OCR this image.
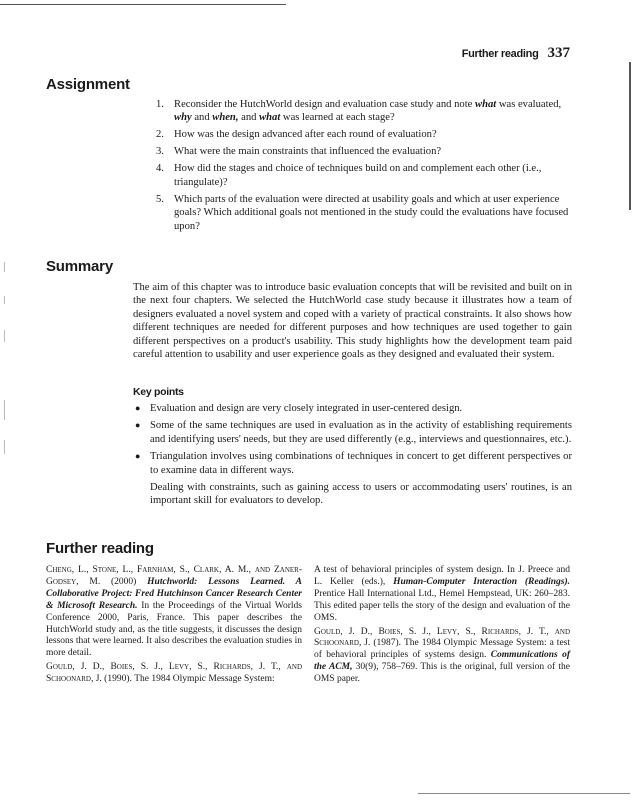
Further reading 337
Assignment
1. Reconsider the HutchWorld design and evaluation case study and note what was evaluated, why and when, and what was learned at each stage?
2. How was the design advanced after each round of evaluation?
3. What were the main constraints that influenced the evaluation?
4. How did the stages and choice of techniques build on and complement each other (i.e., triangulate)?
5. Which parts of the evaluation were directed at usability goals and which at user experience goals? Which additional goals not mentioned in the study could the evaluations have focused upon?
Summary

The aim of this chapter was to introduce basic evaluation concepts that will be revisited and built on in the next four chapters. We selected the HutchWorld case study because it illustrates how a team of designers evaluated a novel system and coped with a variety of practical constraints. It also shows how different techniques are needed for different purposes and how techniques are used together to gain different perspectives on a product's usability. This study highlights how the development team paid careful attention to usability and user experience goals as they designed and evaluated their system.

Key points
● Evaluation and design are very closely integrated in user-centered design.
● Some of the same techniques are used in evaluation as in the activity of establishing requirements and identifying users' needs, but they are used differently (e.g., interviews and questionnaires, etc.).
● Triangulation involves using combinations of techniques in concert to get different perspectives or to examine data in different ways.
Dealing with constraints, such as gaining access to users or accommodating users' routines, is an important skill for evaluators to develop.
Further reading

Cheng, L., Stone, L., Farnham, S., Clark, A. M., and Zaner-Godsey, M. (2000) Hutchworld: Lessons Learned. A Collaborative Project: Fred Hutchinson Cancer Research Center & Microsoft Research. In the Proceedings of the Virtual Worlds Conference 2000, Paris, France. This paper describes the HutchWorld study and, as the title suggests, it discusses the design lessons that were learned. It also describes the evaluation studies in more detail.

Gould, J. D., Boies, S. J., Levy, S., Richards, J. T., and Schoonard, J. (1990). The 1984 Olympic Message System:

A test of behavioral principles of system design. In J. Preece and L. Keller (eds.), Human-Computer Interaction (Readings). Prentice Hall International Ltd., Hemel Hempstead, UK: 260–283. This edited paper tells the story of the design and evaluation of the OMS.

Gould, J. D., Boies, S. J., Levy, S., Richards, J. T., and Schoonard, J. (1987). The 1984 Olympic Message System: a test of behavioral principles of systems design. Communications of the ACM, 30(9), 758–769. This is the original, full version of the OMS paper.
